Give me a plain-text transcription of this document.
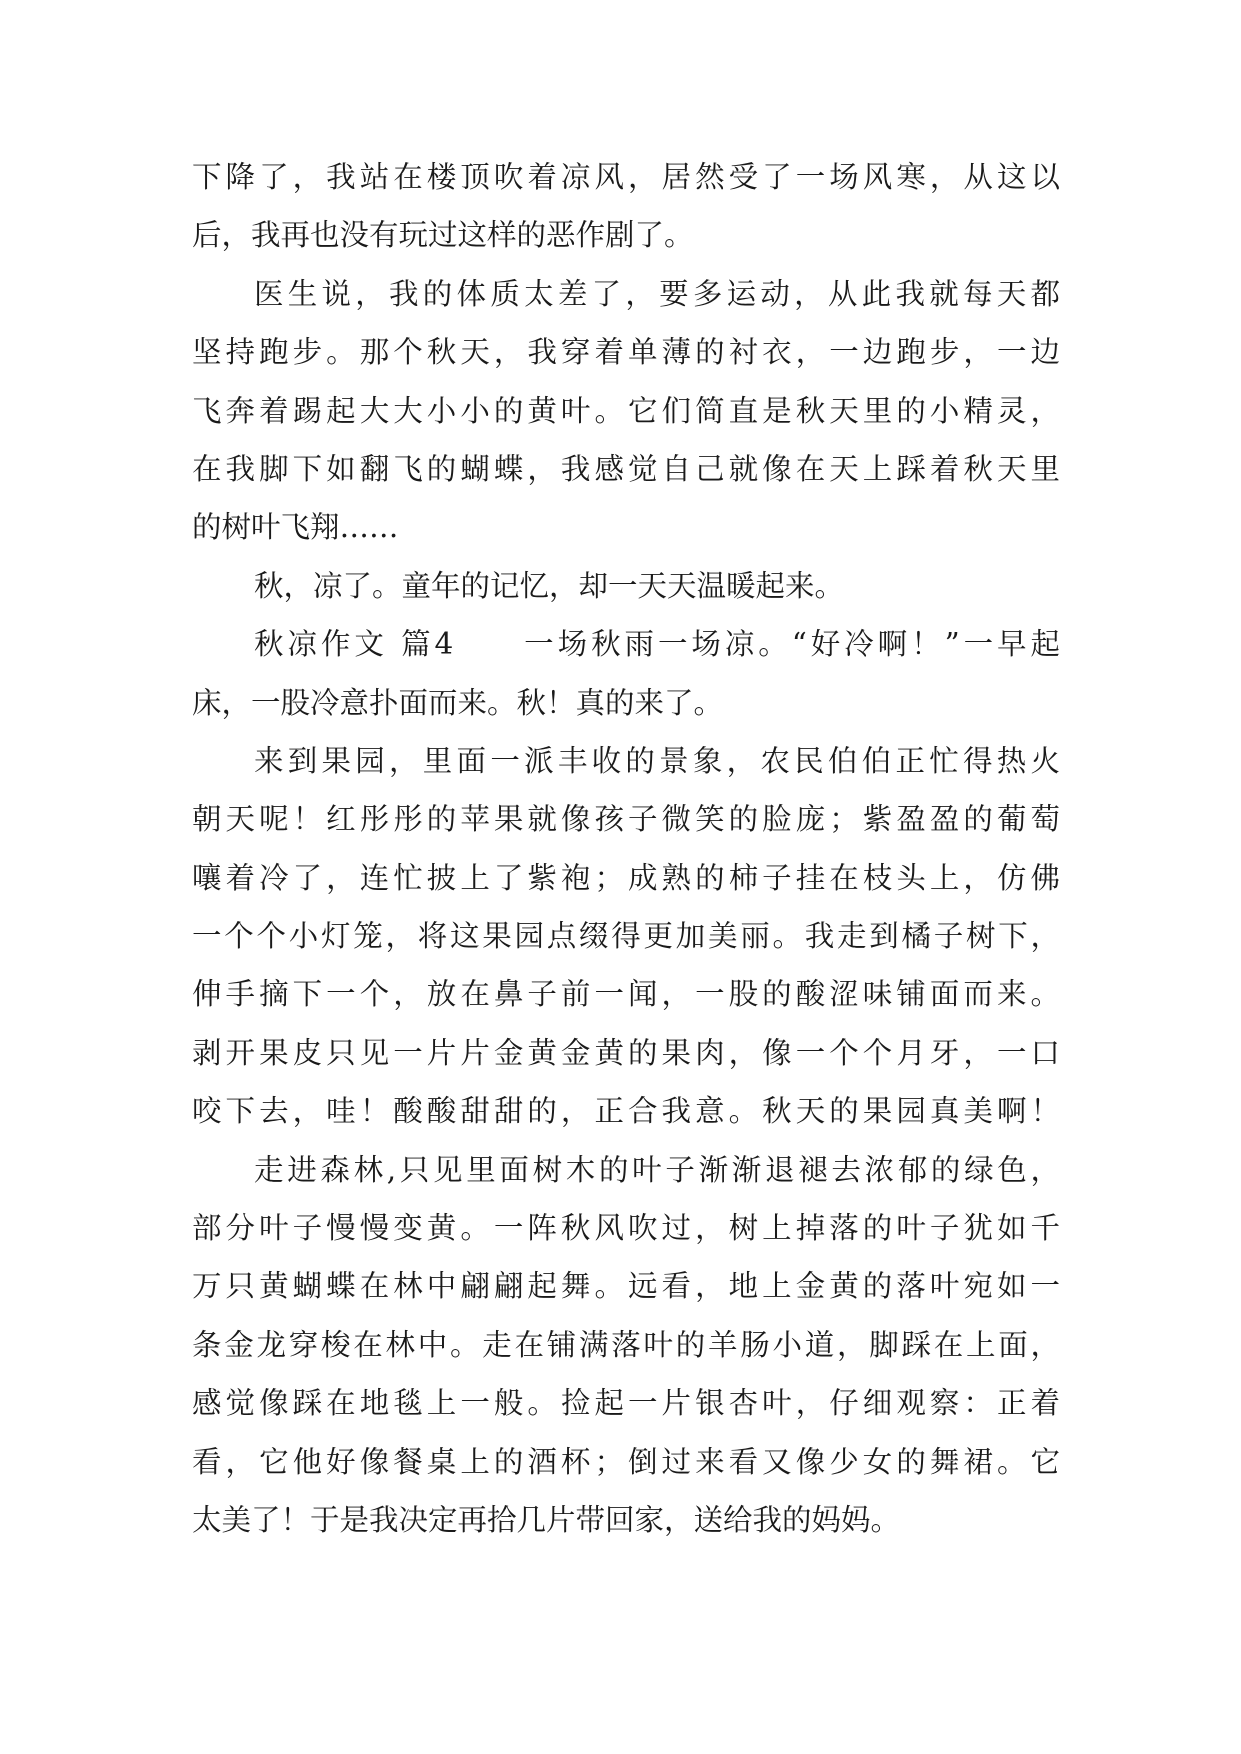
下降了，我站在楼顶吹着凉风，居然受了一场风寒，从这以
后，我再也没有玩过这样的恶作剧了。
医生说，我的体质太差了，要多运动，从此我就每天都
坚持跑步。那个秋天，我穿着单薄的衬衣，一边跑步，一边
飞奔着踢起大大小小的黄叶。它们简直是秋天里的小精灵，
在我脚下如翻飞的蝴蝶，我感觉自己就像在天上踩着秋天里
的树叶飞翔……
秋，凉了。童年的记忆，却一天天温暖起来。
秋凉作文 篇4　　一场秋雨一场凉。“好冷啊！”一早起
床，一股冷意扑面而来。秋！真的来了。
来到果园，里面一派丰收的景象，农民伯伯正忙得热火
朝天呢！红彤彤的苹果就像孩子微笑的脸庞；紫盈盈的葡萄
嚷着冷了，连忙披上了紫袍；成熟的柿子挂在枝头上，仿佛
一个个小灯笼，将这果园点缀得更加美丽。我走到橘子树下，
伸手摘下一个，放在鼻子前一闻，一股的酸涩味铺面而来。
剥开果皮只见一片片金黄金黄的果肉，像一个个月牙，一口
咬下去，哇！酸酸甜甜的，正合我意。秋天的果园真美啊！
走进森林,只见里面树木的叶子渐渐退褪去浓郁的绿色，
部分叶子慢慢变黄。一阵秋风吹过，树上掉落的叶子犹如千
万只黄蝴蝶在林中翩翩起舞。远看，地上金黄的落叶宛如一
条金龙穿梭在林中。走在铺满落叶的羊肠小道，脚踩在上面，
感觉像踩在地毯上一般。捡起一片银杏叶，仔细观察：正着
看，它他好像餐桌上的酒杯；倒过来看又像少女的舞裙。它
太美了！于是我决定再拾几片带回家，送给我的妈妈。
